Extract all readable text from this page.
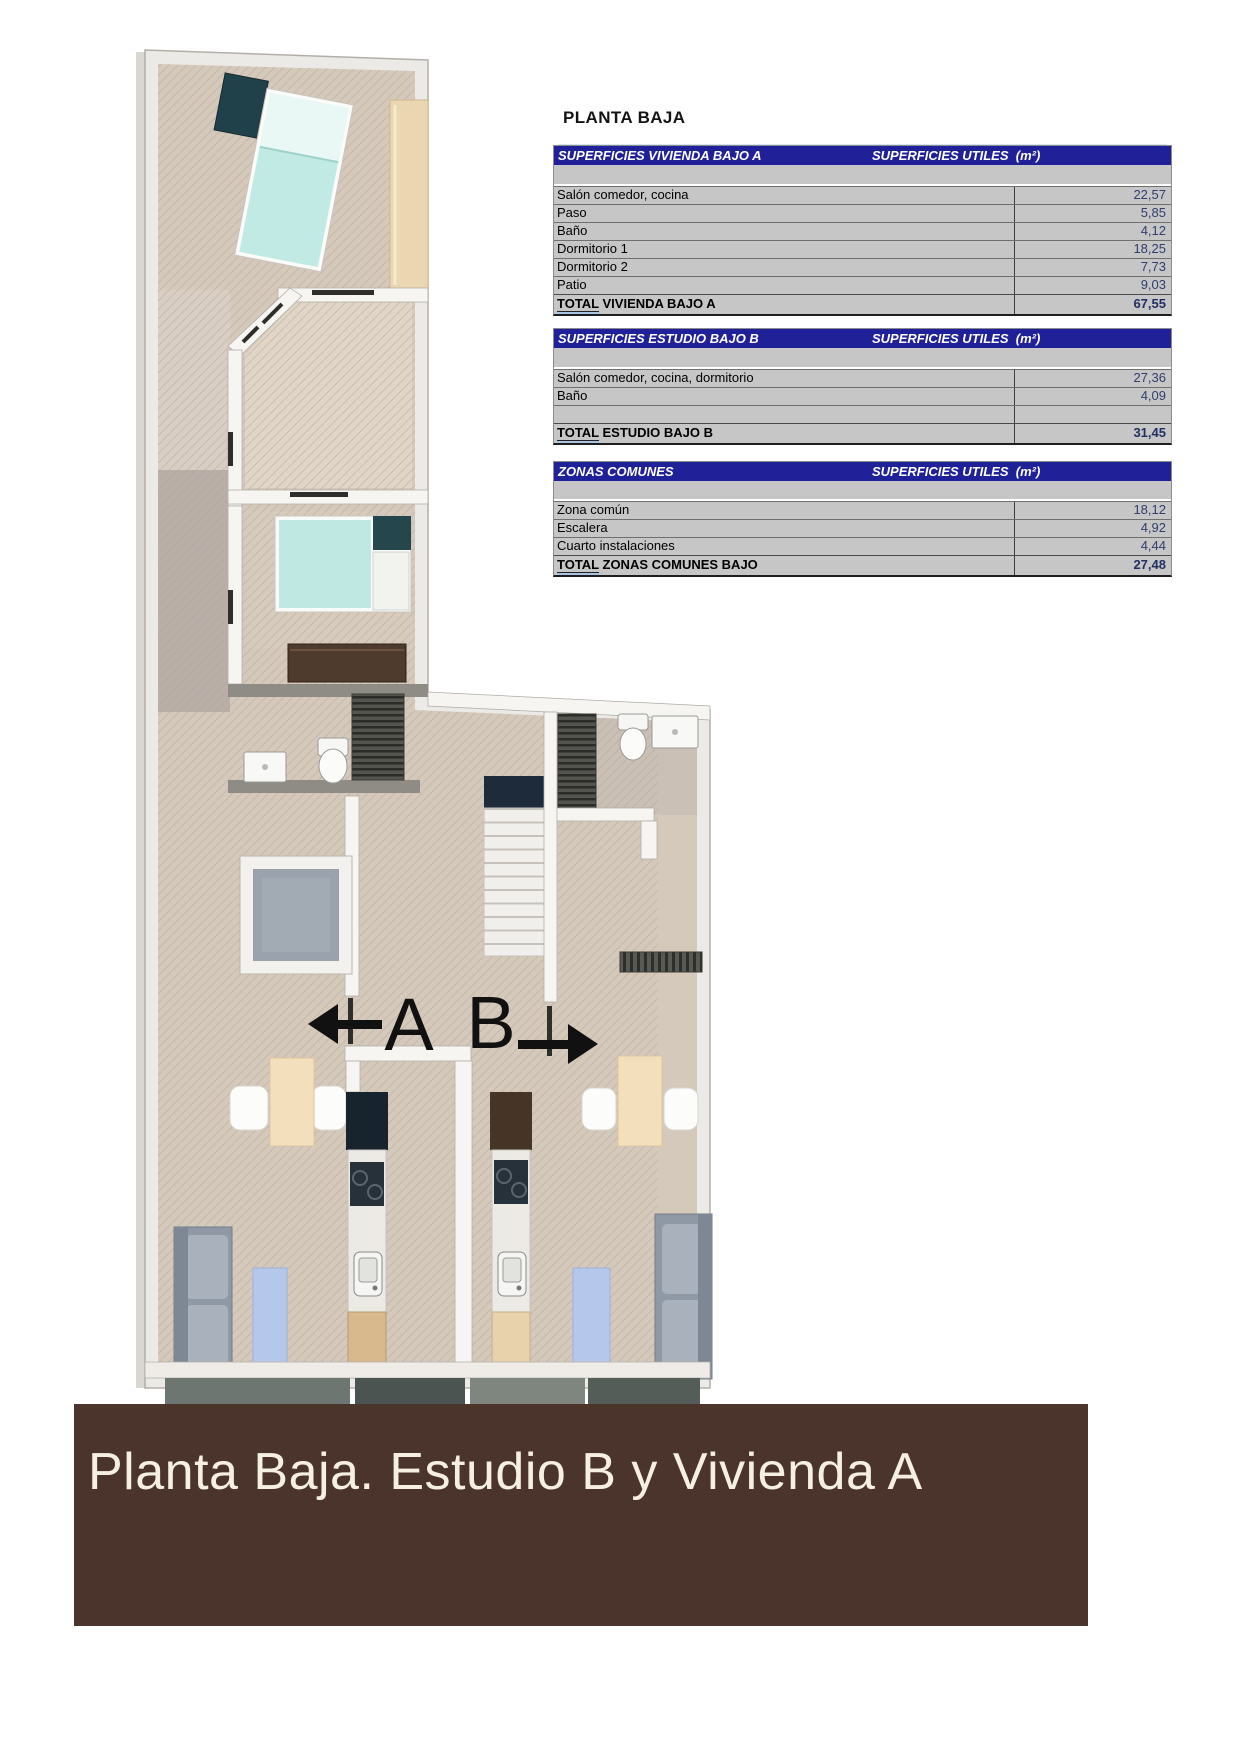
A B
PLANTA BAJA
SUPERFICIES VIVIENDA BAJO A	SUPERFICIES UTILES  (m²)
Salón comedor, cocina	22,57
Paso	5,85
Baño	4,12
Dormitorio 1	18,25
Dormitorio 2	7,73
Patio	9,03
TOTAL VIVIENDA BAJO A	67,55
SUPERFICIES ESTUDIO BAJO B	SUPERFICIES UTILES  (m²)
Salón comedor, cocina, dormitorio	27,36
Baño	4,09
TOTAL ESTUDIO BAJO B	31,45
ZONAS COMUNES	SUPERFICIES UTILES  (m²)
Zona común	18,12
Escalera	4,92
Cuarto instalaciones	4,44
TOTAL ZONAS COMUNES BAJO	27,48
Planta Baja. Estudio B y Vivienda A
